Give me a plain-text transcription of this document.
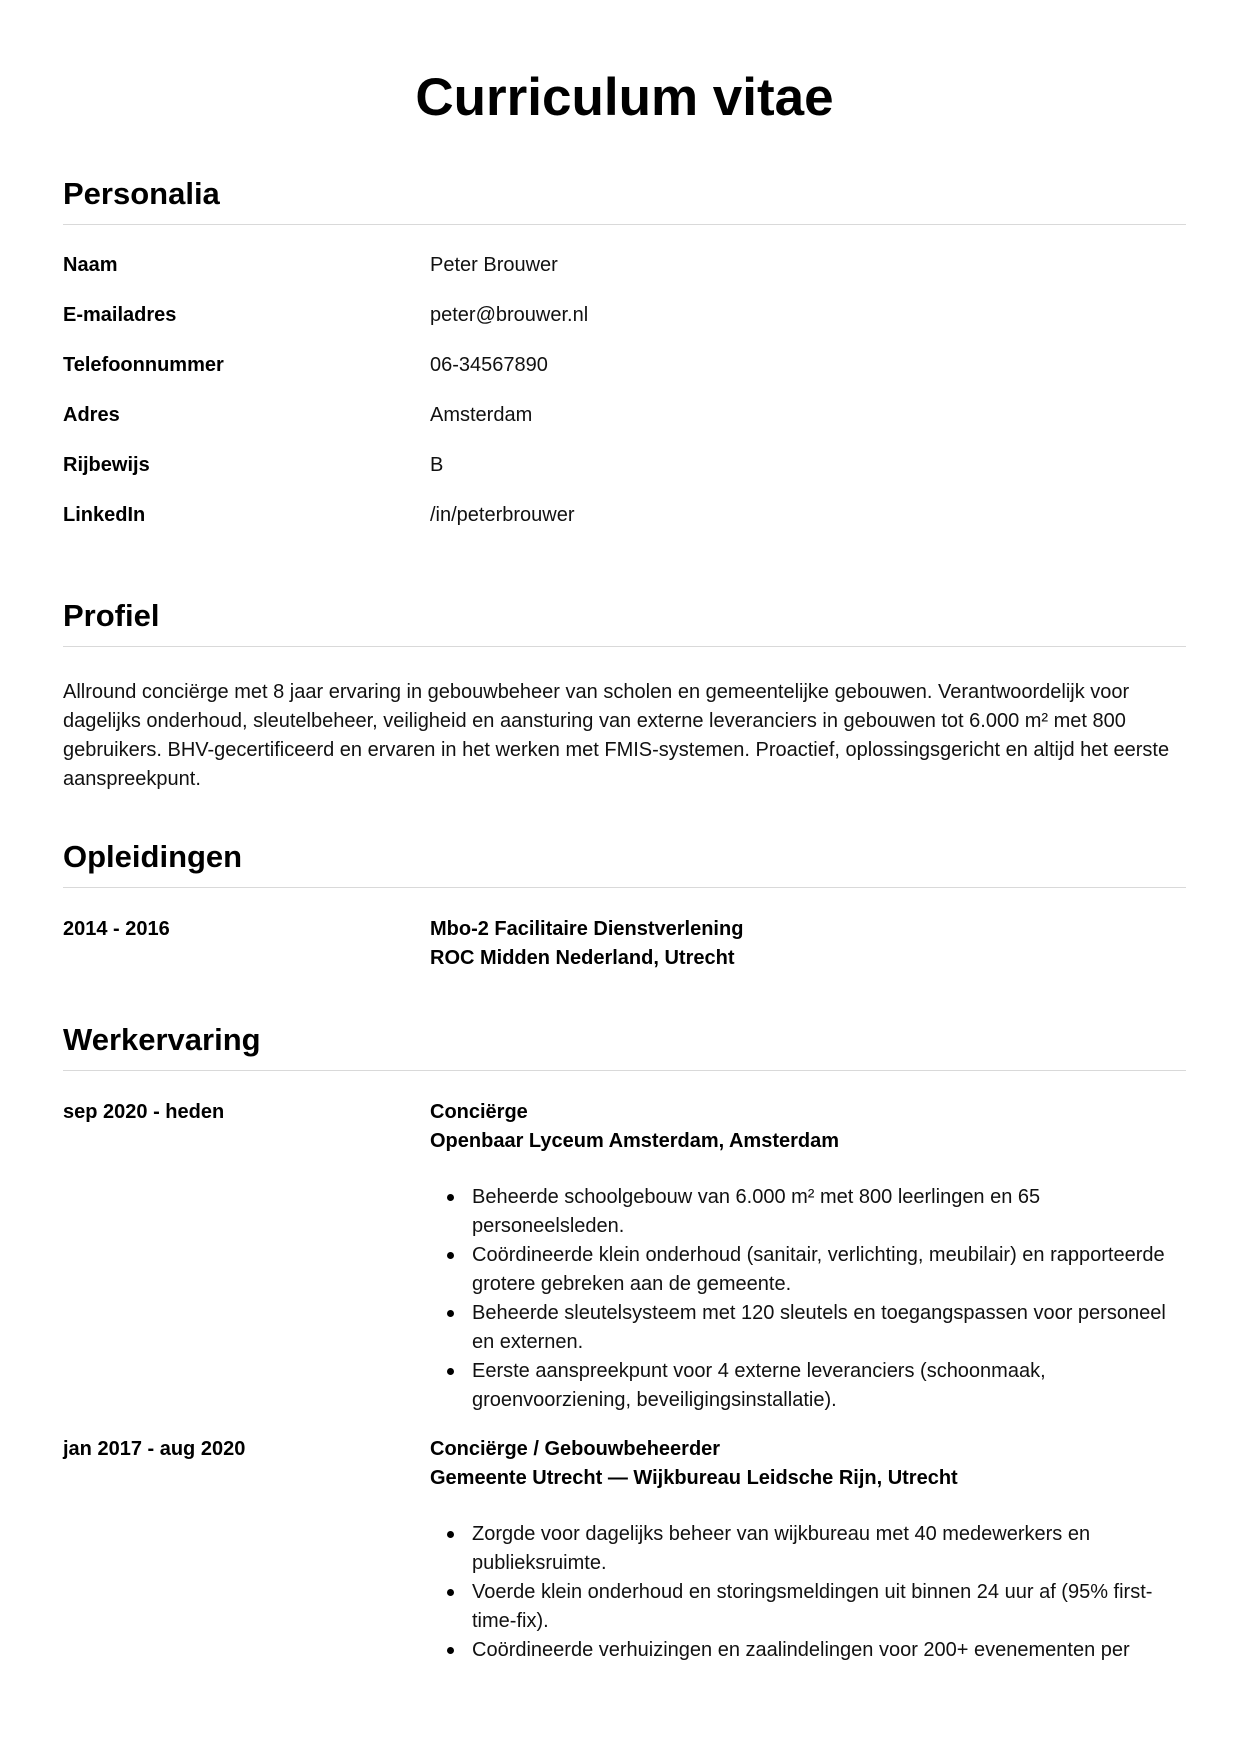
Curriculum vitae
Personalia
Naam	Peter Brouwer
E-mailadres	peter@brouwer.nl
Telefoonnummer	06-34567890
Adres	Amsterdam
Rijbewijs	B
LinkedIn	/in/peterbrouwer
Profiel

Allround conciërge met 8 jaar ervaring in gebouwbeheer van scholen en gemeentelijke gebouwen. Verantwoordelijk voor dagelijks onderhoud, sleutelbeheer, veiligheid en aansturing van externe leveranciers in gebouwen tot 6.000 m² met 800 gebruikers. BHV-gecertificeerd en ervaren in het werken met FMIS-systemen. Proactief, oplossingsgericht en altijd het eerste aanspreekpunt.

Opleidingen
2014 - 2016	Mbo-2 Facilitaire Dienstverlening
ROC Midden Nederland, Utrecht
Werkervaring
sep 2020 - heden	Conciërge
Openbaar Lyceum Amsterdam, Amsterdam
Beheerde schoolgebouw van 6.000 m² met 800 leerlingen en 65 personeelsleden.
Coördineerde klein onderhoud (sanitair, verlichting, meubilair) en rapporteerde grotere gebreken aan de gemeente.
Beheerde sleutelsysteem met 120 sleutels en toegangspassen voor personeel en externen.
Eerste aanspreekpunt voor 4 externe leveranciers (schoonmaak, groenvoorziening, beveiligingsinstallatie).
jan 2017 - aug 2020	Conciërge / Gebouwbeheerder
Gemeente Utrecht — Wijkbureau Leidsche Rijn, Utrecht
Zorgde voor dagelijks beheer van wijkbureau met 40 medewerkers en publieksruimte.
Voerde klein onderhoud en storingsmeldingen uit binnen 24 uur af (95% first-time-fix).
Coördineerde verhuizingen en zaalindelingen voor 200+ evenementen per
